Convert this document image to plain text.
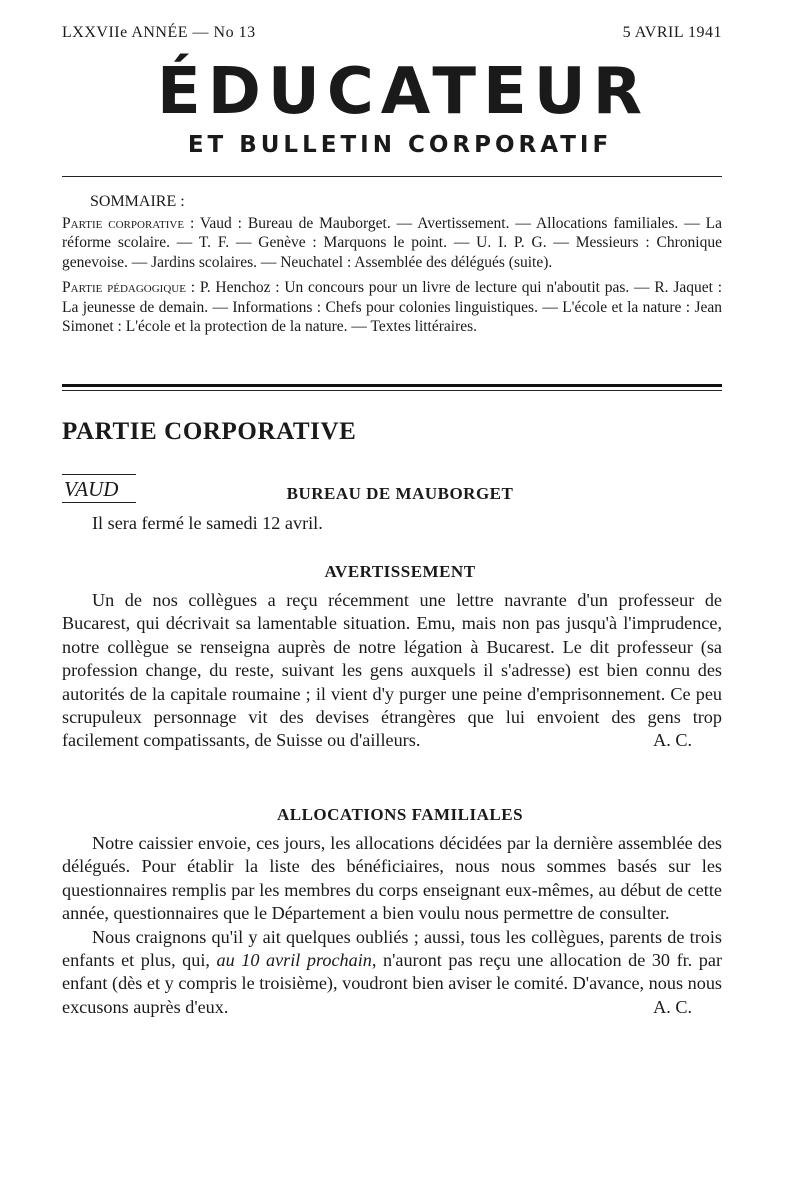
LXXVIIe ANNÉE — No 13	5 AVRIL 1941
ÉDUCATEUR
ET BULLETIN CORPORATIF
SOMMAIRE :

Partie corporative : Vaud : Bureau de Mauborget. — Avertissement. — Allocations familiales. — La réforme scolaire. — T. F. — Genève : Marquons le point. — U. I. P. G. — Messieurs : Chronique genevoise. — Jardins scolaires. — Neuchatel : Assemblée des délégués (suite).

Partie pédagogique : P. Henchoz : Un concours pour un livre de lecture qui n'aboutit pas. — R. Jaquet : La jeunesse de demain. — Informations : Chefs pour colonies linguistiques. — L'école et la nature : Jean Simonet : L'école et la protection de la nature. — Textes littéraires.

PARTIE CORPORATIVE
VAUD	BUREAU DE MAUBORGET

Il sera fermé le samedi 12 avril.

AVERTISSEMENT

Un de nos collègues a reçu récemment une lettre navrante d'un professeur de Bucarest, qui décrivait sa lamentable situation. Emu, mais non pas jusqu'à l'imprudence, notre collègue se renseigna auprès de notre légation à Bucarest. Le dit professeur (sa profession change, du reste, suivant les gens auxquels il s'adresse) est bien connu des autorités de la capitale roumaine ; il vient d'y purger une peine d'emprisonnement. Ce peu scrupuleux personnage vit des devises étrangères que lui envoient des gens trop facilement compatissants, de Suisse ou d'ailleurs.	A. C.

ALLOCATIONS FAMILIALES

Notre caissier envoie, ces jours, les allocations décidées par la dernière assemblée des délégués. Pour établir la liste des bénéficiaires, nous nous sommes basés sur les questionnaires remplis par les membres du corps enseignant eux-mêmes, au début de cette année, questionnaires que le Département a bien voulu nous permettre de consulter.

Nous craignons qu'il y ait quelques oubliés ; aussi, tous les collègues, parents de trois enfants et plus, qui, au 10 avril prochain, n'auront pas reçu une allocation de 30 fr. par enfant (dès et y compris le troisième), voudront bien aviser le comité. D'avance, nous nous excusons auprès d'eux.	A. C.
